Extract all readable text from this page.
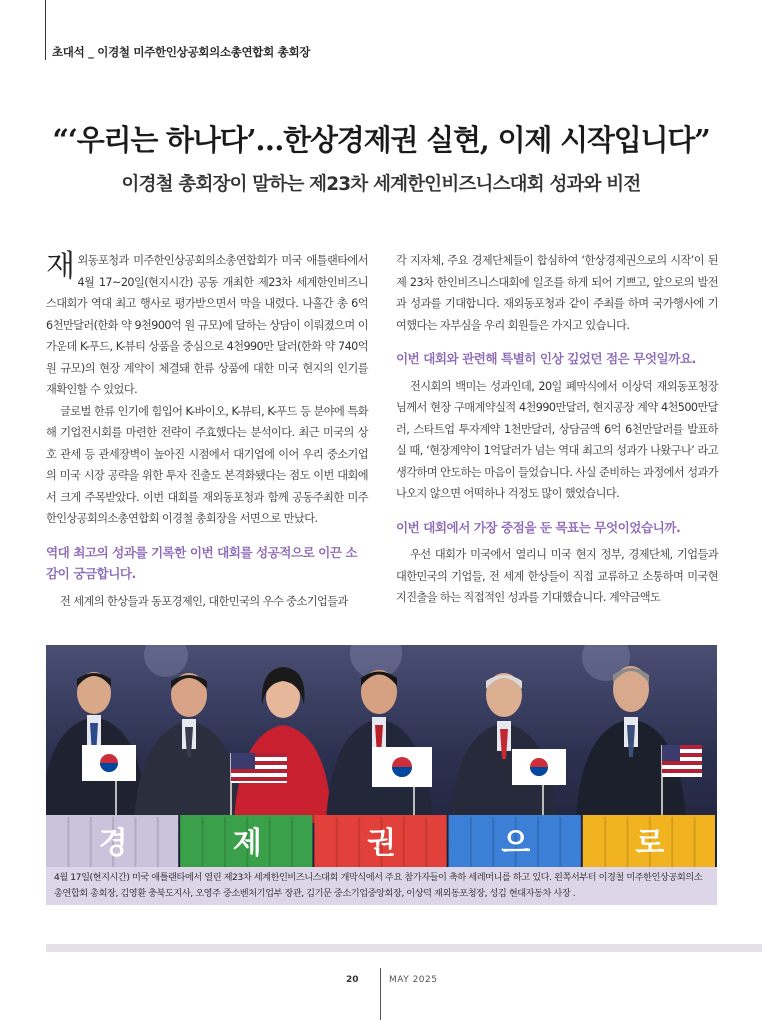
초대석 _ 이경철 미주한인상공회의소총연합회 총회장
“‘우리는 하나다’…한상경제권 실현, 이제 시작입니다”
이경철 총회장이 말하는 제23차 세계한인비즈니스대회 성과와 비전

재외동포청과 미주한인상공회의소총연합회가 미국 애틀랜타에서 4월 17~20일(현지시간) 공동 개최한 제23차 세계한인비즈니스대회가 역대 최고 행사로 평가받으면서 막을 내렸다. 나흘간 총 6억 6천만달러(한화 약 9천900억 원 규모)에 달하는 상담이 이뤄졌으며 이 가운데 K-푸드, K-뷰티 상품을 중심으로 4천990만 달러(한화 약 740억 원 규모)의 현장 계약이 체결돼 한류 상품에 대한 미국 현지의 인기를 재확인할 수 있었다.

글로벌 한류 인기에 힘입어 K-바이오, K-뷰티, K-푸드 등 분야에 특화해 기업전시회를 마련한 전략이 주효했다는 분석이다. 최근 미국의 상호 관세 등 관세장벽이 높아진 시점에서 대기업에 이어 우리 중소기업의 미국 시장 공략을 위한 투자 진출도 본격화됐다는 점도 이번 대회에서 크게 주목받았다. 이번 대회를 재외동포청과 함께 공동주최한 미주한인상공회의소총연합회 이경철 총회장을 서면으로 만났다.

역대 최고의 성과를 기록한 이번 대회를 성공적으로 이끈 소감이 궁금합니다.

전 세계의 한상들과 동포경제인, 대한민국의 우수 중소기업들과

각 지자체, 주요 경제단체들이 합심하여 ‘한상경제권으로의 시작’이 된 제 23차 한인비즈니스대회에 일조를 하게 되어 기쁘고, 앞으로의 발전과 성과를 기대합니다. 재외동포청과 같이 주최를 하며 국가행사에 기여했다는 자부심을 우리 회원들은 가지고 있습니다.

이번 대회와 관련해 특별히 인상 깊었던 점은 무엇일까요.

전시회의 백미는 성과인데, 20일 폐막식에서 이상덕 재외동포청장님께서 현장 구매계약실적 4천990만달러, 현지공장 계약 4천500만달러, 스타트업 투자계약 1천만달러, 상담금액 6억 6천만달러를 발표하실 때, ‘현장계약이 1억달러가 넘는 역대 최고의 성과가 나왔구나’ 라고 생각하며 안도하는 마음이 들었습니다. 사실 준비하는 과정에서 성과가 나오지 않으면 어떡하나 걱정도 많이 했었습니다.

이번 대회에서 가장 중점을 둔 목표는 무엇이었습니까.

우선 대회가 미국에서 열리니 미국 현지 정부, 경제단체, 기업들과 대한민국의 기업들, 전 세계 한상들이 직접 교류하고 소통하며 미국현지진출을 하는 직접적인 성과를 기대했습니다. 계약금액도

경	제	권	으	로
4월 17일(현지시간) 미국 애틀랜타에서 열린 제23차 세계한인비즈니스대회 개막식에서 주요 참가자들이 축하 세레머니를 하고 있다. 왼쪽서부터 이경철 미주한인상공회의소총연합회 총회장, 김영환 충북도지사, 오영주 중소벤처기업부 장관, 김기문 중소기업중앙회장, 이상덕 재외동포청장, 성김 현대자동차 사장 .
20	MAY 2025
